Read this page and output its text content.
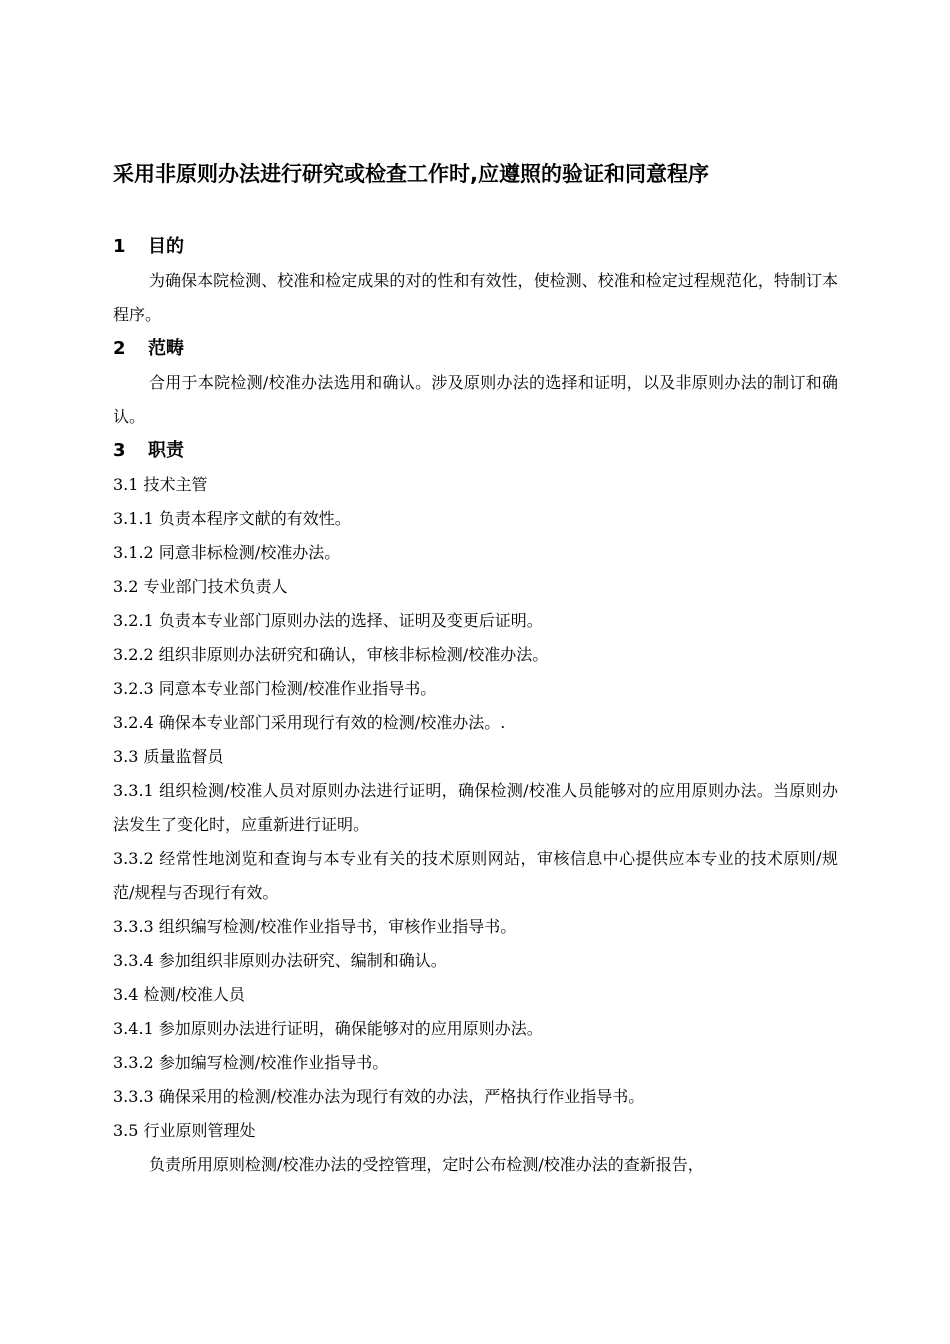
采用非原则办法进行研究或检查工作时,应遵照的验证和同意程序
1 目的

为确保本院检测、校准和检定成果的对的性和有效性，使检测、校准和检定过程规范化，特制订本程序。

2 范畴

合用于本院检测/校准办法选用和确认。涉及原则办法的选择和证明，以及非原则办法的制订和确认。

3 职责

3.1 技术主管

3.1.1 负责本程序文献的有效性。

3.1.2 同意非标检测/校准办法。

3.2 专业部门技术负责人

3.2.1 负责本专业部门原则办法的选择、证明及变更后证明。

3.2.2 组织非原则办法研究和确认，审核非标检测/校准办法。

3.2.3 同意本专业部门检测/校准作业指导书。

3.2.4 确保本专业部门采用现行有效的检测/校准办法。.

3.3 质量监督员

3.3.1 组织检测/校准人员对原则办法进行证明，确保检测/校准人员能够对的应用原则办法。当原则办法发生了变化时，应重新进行证明。

3.3.2 经常性地浏览和查询与本专业有关的技术原则网站，审核信息中心提供应本专业的技术原则/规范/规程与否现行有效。

3.3.3 组织编写检测/校准作业指导书，审核作业指导书。

3.3.4 参加组织非原则办法研究、编制和确认。

3.4 检测/校准人员

3.4.1 参加原则办法进行证明，确保能够对的应用原则办法。

3.3.2 参加编写检测/校准作业指导书。

3.3.3 确保采用的检测/校准办法为现行有效的办法，严格执行作业指导书。

3.5 行业原则管理处

负责所用原则检测/校准办法的受控管理，定时公布检测/校准办法的查新报告，
